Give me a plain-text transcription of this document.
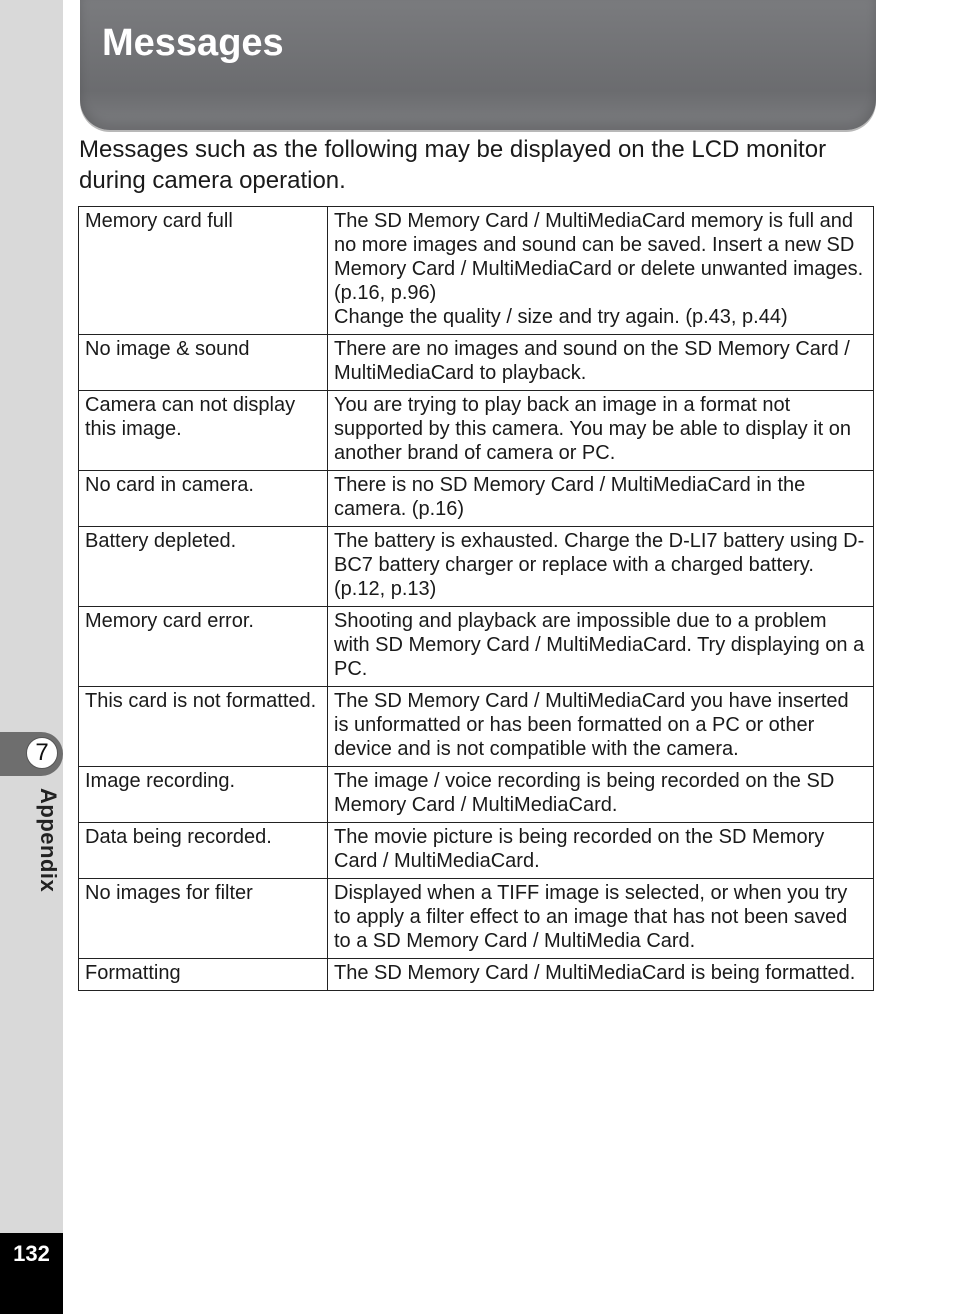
7
Appendix
132
Messages

Messages such as the following may be displayed on the LCD monitor during camera operation.

Memory card full	The SD Memory Card / MultiMediaCard memory is full and no more images and sound can be saved. Insert a new SD Memory Card / MultiMediaCard or delete unwanted images. (p.16, p.96)
Change the quality / size and try again. (p.43, p.44)

No image & sound	There are no images and sound on the SD Memory Card / MultiMediaCard to playback.

Camera can not display this image.	You are trying to play back an image in a format not supported by this camera. You may be able to display it on another brand of camera or PC.

No card in camera.	There is no SD Memory Card / MultiMediaCard in the camera. (p.16)

Battery depleted.	The battery is exhausted. Charge the D-LI7 battery using D-BC7 battery charger or replace with a charged battery. (p.12, p.13)

Memory card error.	Shooting and playback are impossible due to a problem with SD Memory Card / MultiMediaCard. Try displaying on a PC.

This card is not formatted.	The SD Memory Card / MultiMediaCard you have inserted is unformatted or has been formatted on a PC or other device and is not compatible with the camera.

Image recording.	The image / voice recording is being recorded on the SD Memory Card / MultiMediaCard.

Data being recorded.	The movie picture is being recorded on the SD Memory Card / MultiMediaCard.

No images for filter	Displayed when a TIFF image is selected, or when you try to apply a filter effect to an image that has not been saved to a SD Memory Card / MultiMedia Card.

Formatting	The SD Memory Card / MultiMediaCard is being formatted.
